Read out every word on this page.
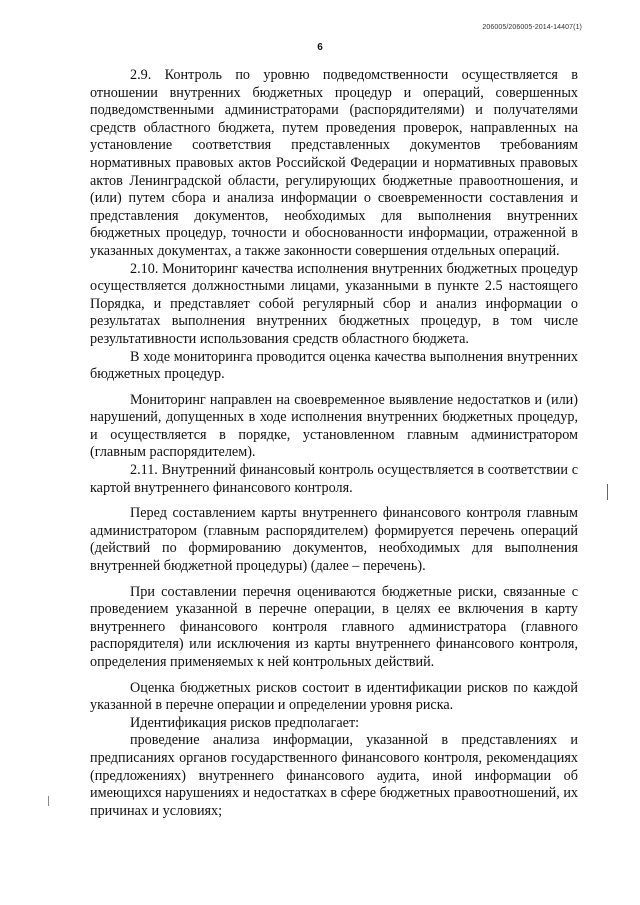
206005/206005-2014-14407(1)
6

2.9. Контроль по уровню подведомственности осуществляется в отношении внутренних бюджетных процедур и операций, совершенных подведомственными администраторами (распорядителями) и получателями средств областного бюджета, путем проведения проверок, направленных на установление соответствия представленных документов требованиям нормативных правовых актов Российской Федерации и нормативных правовых актов Ленинградской области, регулирующих бюджетные правоотношения, и (или) путем сбора и анализа информации о своевременности составления и представления документов, необходимых для выполнения внутренних бюджетных процедур, точности и обоснованности информации, отраженной в указанных документах, а также законности совершения отдельных операций.

2.10. Мониторинг качества исполнения внутренних бюджетных процедур осуществляется должностными лицами, указанными в пункте 2.5 настоящего Порядка, и представляет собой регулярный сбор и анализ информации о результатах выполнения внутренних бюджетных процедур, в том числе результативности использования средств областного бюджета.

В ходе мониторинга проводится оценка качества выполнения внутренних бюджетных процедур.

Мониторинг направлен на своевременное выявление недостатков и (или) нарушений, допущенных в ходе исполнения внутренних бюджетных процедур, и осуществляется в порядке, установленном главным администратором (главным распорядителем).

2.11. Внутренний финансовый контроль осуществляется в соответствии с картой внутреннего финансового контроля.

Перед составлением карты внутреннего финансового контроля главным администратором (главным распорядителем) формируется перечень операций (действий по формированию документов, необходимых для выполнения внутренней бюджетной процедуры) (далее – перечень).

При составлении перечня оцениваются бюджетные риски, связанные с проведением указанной в перечне операции, в целях ее включения в карту внутреннего финансового контроля главного администратора (главного распорядителя) или исключения из карты внутреннего финансового контроля, определения применяемых к ней контрольных действий.

Оценка бюджетных рисков состоит в идентификации рисков по каждой указанной в перечне операции и определении уровня риска.

Идентификация рисков предполагает:

проведение анализа информации, указанной в представлениях и предписаниях органов государственного финансового контроля, рекомендациях (предложениях) внутреннего финансового аудита, иной информации об имеющихся нарушениях и недостатках в сфере бюджетных правоотношений, их причинах и условиях;
